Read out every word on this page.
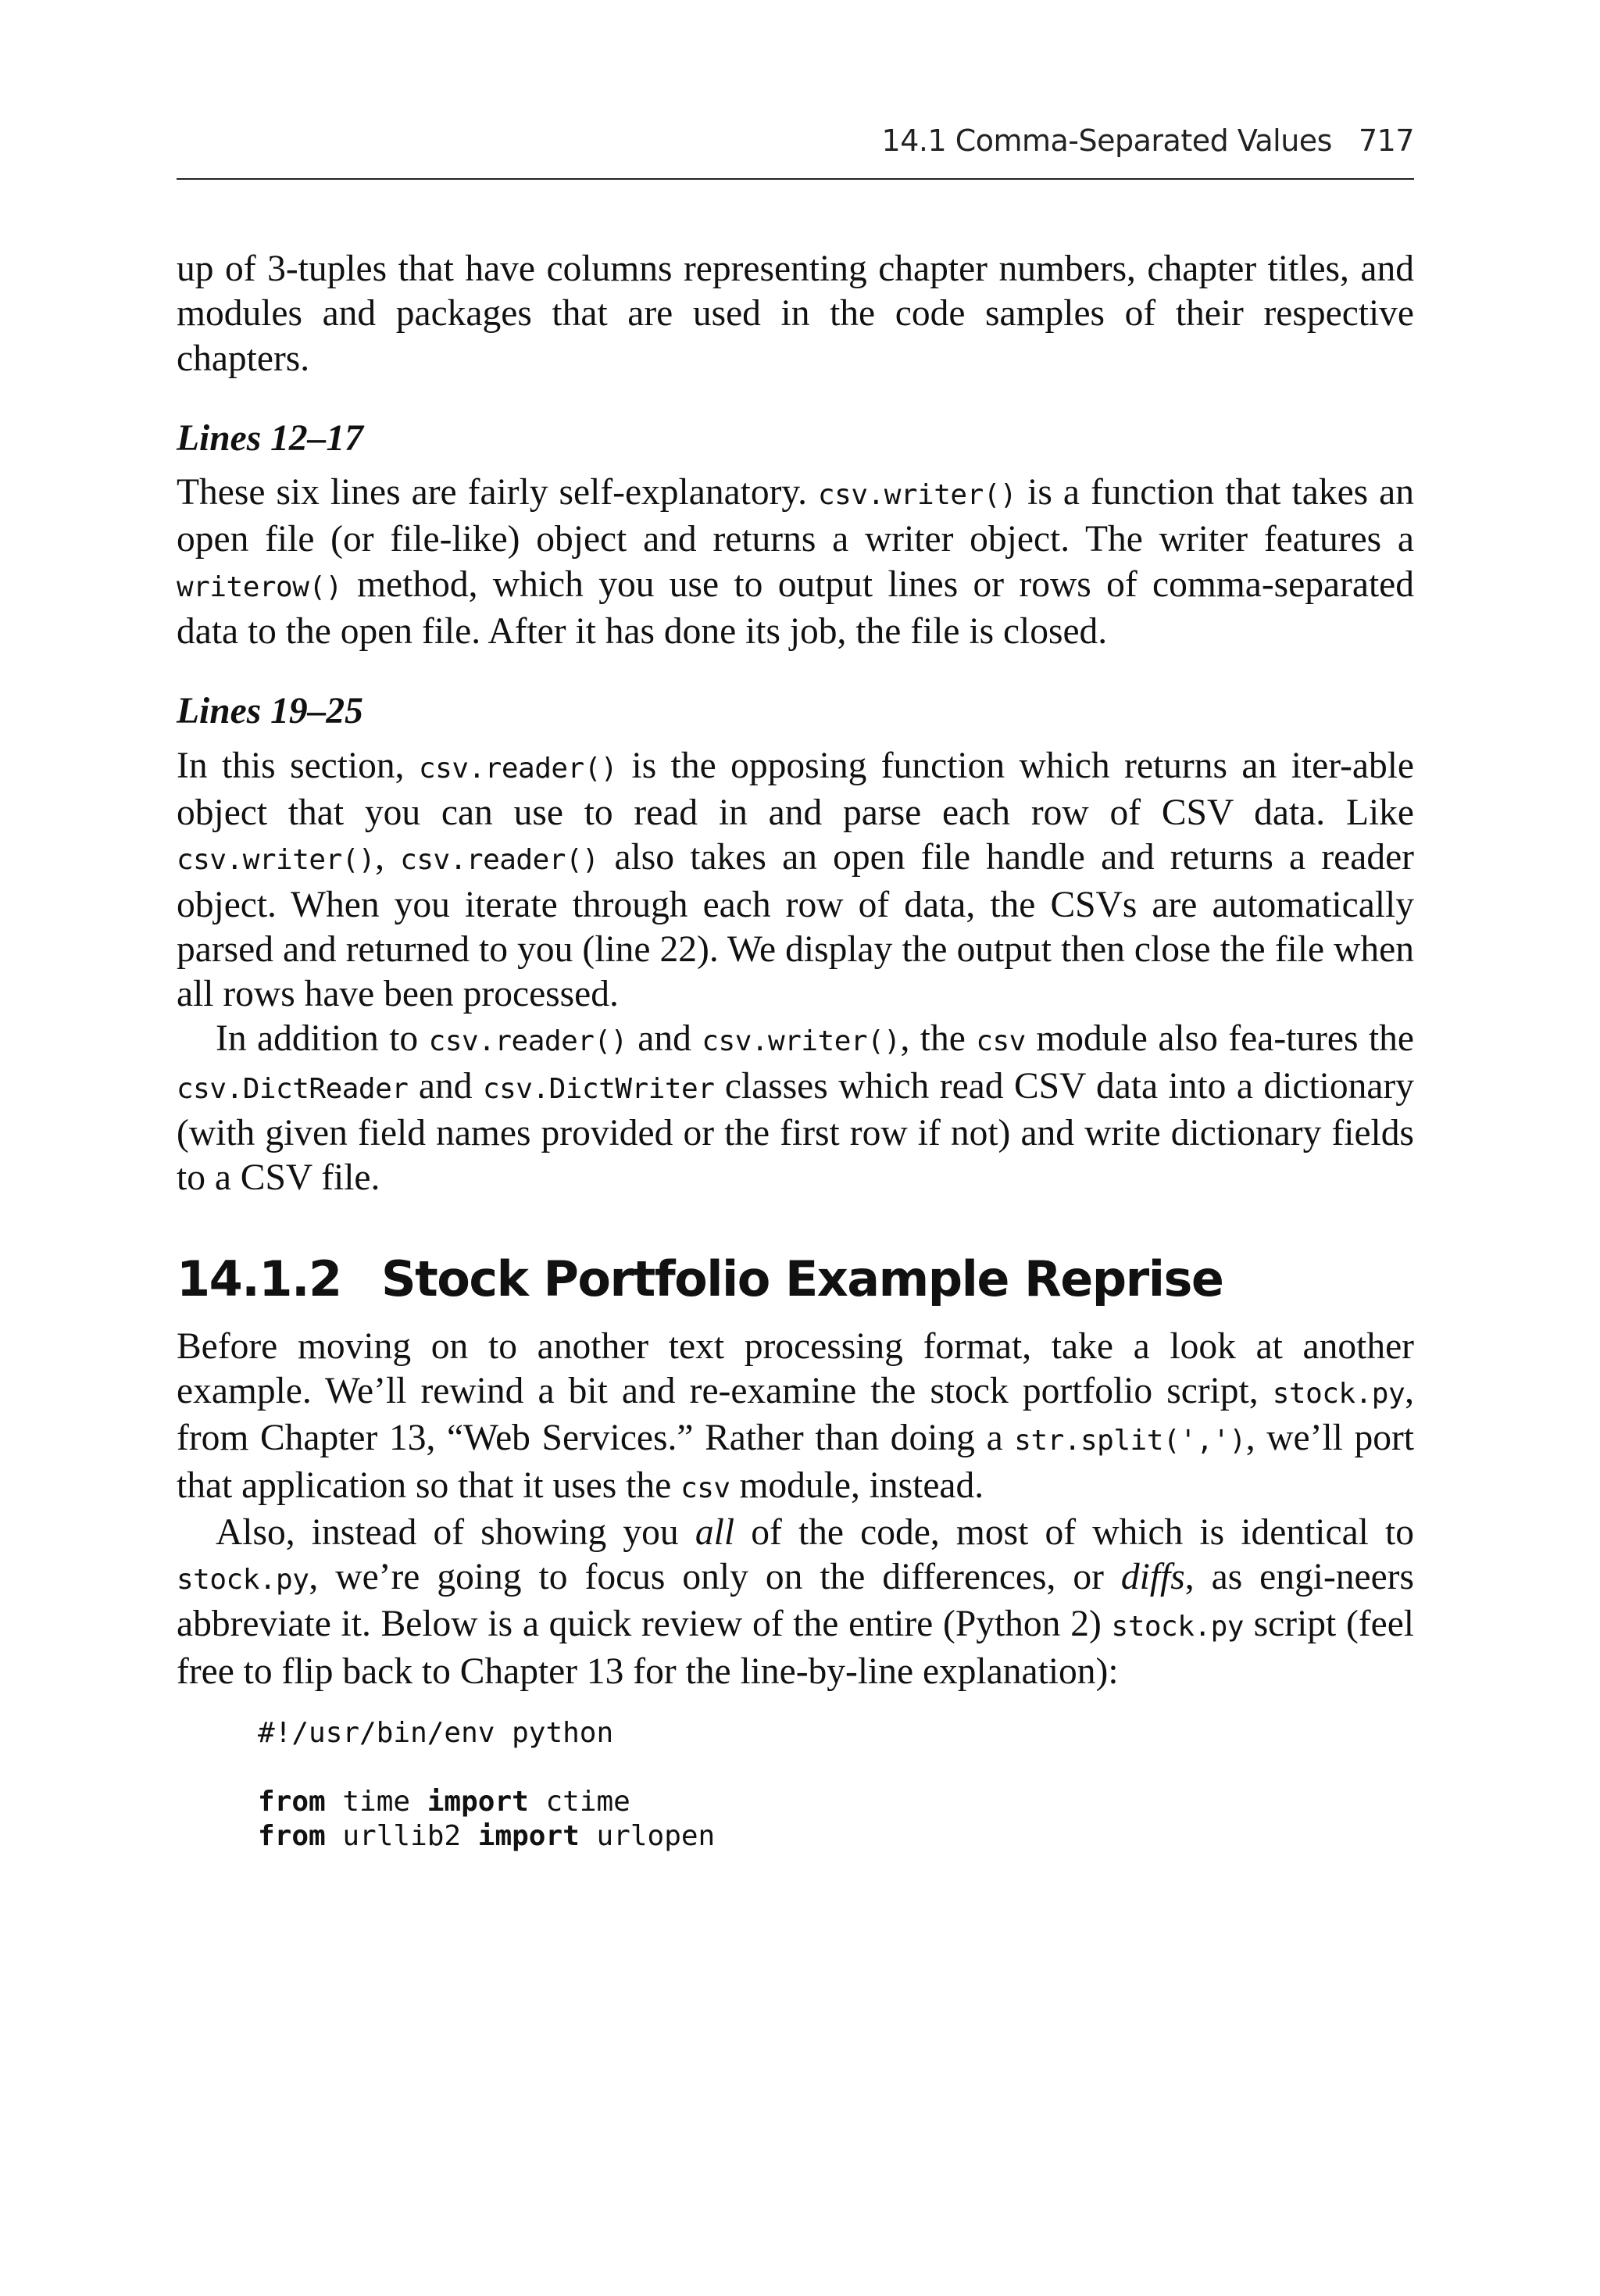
14.1 Comma-Separated Values 717

up of 3-tuples that have columns representing chapter numbers, chapter titles, and modules and packages that are used in the code samples of their respective chapters.

Lines 12–17

These six lines are fairly self-explanatory. csv.writer() is a function that takes an open file (or file-like) object and returns a writer object. The writer features a writerow() method, which you use to output lines or rows of comma-separated data to the open file. After it has done its job, the file is closed.

Lines 19–25

In this section, csv.reader() is the opposing function which returns an iter-able object that you can use to read in and parse each row of CSV data. Like csv.writer(), csv.reader() also takes an open file handle and returns a reader object. When you iterate through each row of data, the CSVs are automatically parsed and returned to you (line 22). We display the output then close the file when all rows have been processed.

In addition to csv.reader() and csv.writer(), the csv module also fea-tures the csv.DictReader and csv.DictWriter classes which read CSV data into a dictionary (with given field names provided or the first row if not) and write dictionary fields to a CSV file.

14.1.2 Stock Portfolio Example Reprise

Before moving on to another text processing format, take a look at another example. We’ll rewind a bit and re-examine the stock portfolio script, stock.py, from Chapter 13, “Web Services.” Rather than doing a str.split(','), we’ll port that application so that it uses the csv module, instead.

Also, instead of showing you all of the code, most of which is identical to stock.py, we’re going to focus only on the differences, or diffs, as engi-neers abbreviate it. Below is a quick review of the entire (Python 2) stock.py script (feel free to flip back to Chapter 13 for the line-by-line explanation):

#!/usr/bin/env python
from time import ctime
from urllib2 import urlopen
